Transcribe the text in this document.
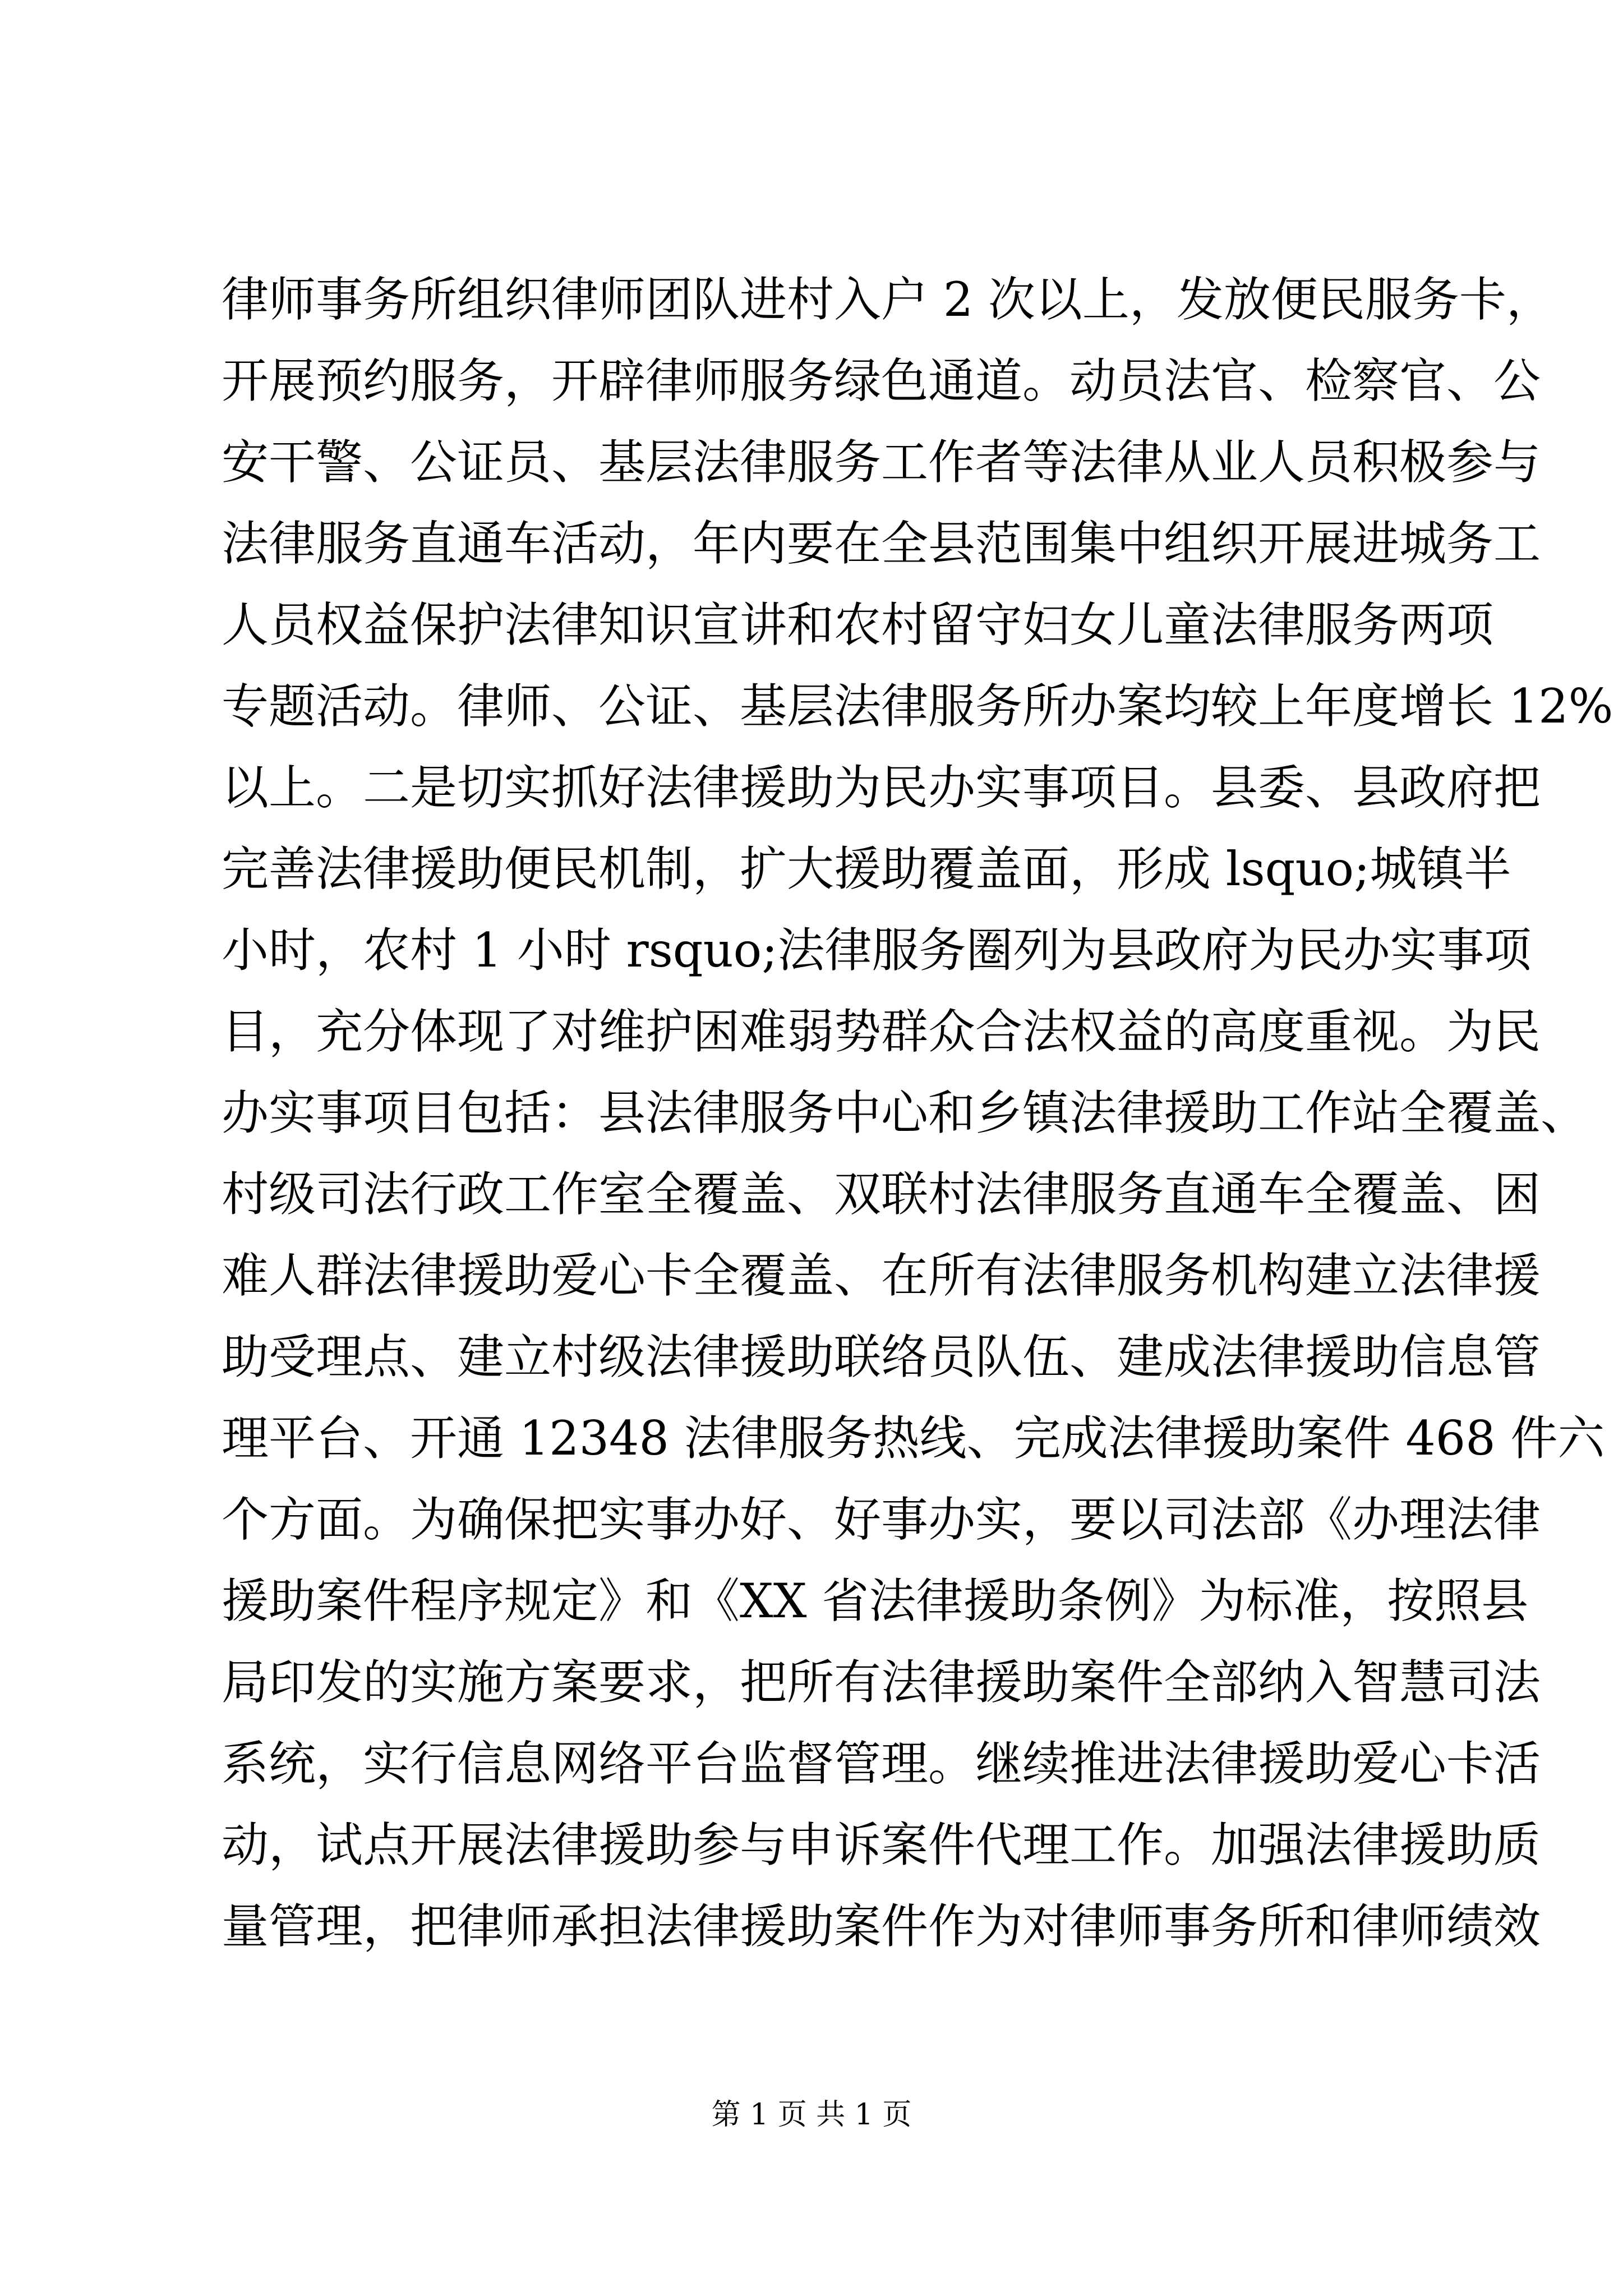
律师事务所组织律师团队进村入户 2 次以上，发放便民服务卡，
开展预约服务，开辟律师服务绿色通道。动员法官、检察官、公
安干警、公证员、基层法律服务工作者等法律从业人员积极参与
法律服务直通车活动，年内要在全县范围集中组织开展进城务工
人员权益保护法律知识宣讲和农村留守妇女儿童法律服务两项
专题活动。律师、公证、基层法律服务所办案均较上年度增长 12%
以上。二是切实抓好法律援助为民办实事项目。县委、县政府把
完善法律援助便民机制，扩大援助覆盖面，形成 lsquo;城镇半
小时，农村 1 小时 rsquo;法律服务圈列为县政府为民办实事项
目，充分体现了对维护困难弱势群众合法权益的高度重视。为民
办实事项目包括：县法律服务中心和乡镇法律援助工作站全覆盖、
村级司法行政工作室全覆盖、双联村法律服务直通车全覆盖、困
难人群法律援助爱心卡全覆盖、在所有法律服务机构建立法律援
助受理点、建立村级法律援助联络员队伍、建成法律援助信息管
理平台、开通 12348 法律服务热线、完成法律援助案件 468 件六
个方面。为确保把实事办好、好事办实，要以司法部《办理法律
援助案件程序规定》和《XX 省法律援助条例》为标准，按照县
局印发的实施方案要求，把所有法律援助案件全部纳入智慧司法
系统，实行信息网络平台监督管理。继续推进法律援助爱心卡活
动，试点开展法律援助参与申诉案件代理工作。加强法律援助质
量管理，把律师承担法律援助案件作为对律师事务所和律师绩效
第 1 页 共 1 页
